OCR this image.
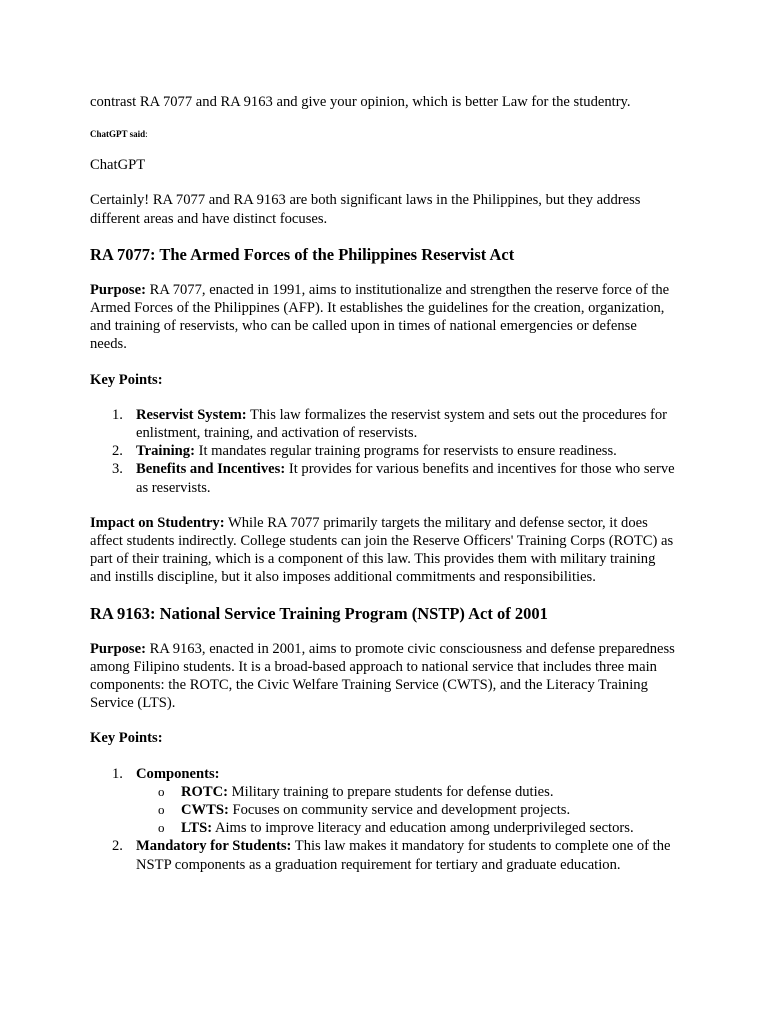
contrast RA 7077 and RA 9163 and give your opinion, which is better Law for the studentry.

ChatGPT said:

ChatGPT

Certainly! RA 7077 and RA 9163 are both significant laws in the Philippines, but they address different areas and have distinct focuses.

RA 7077: The Armed Forces of the Philippines Reservist Act

Purpose: RA 7077, enacted in 1991, aims to institutionalize and strengthen the reserve force of the Armed Forces of the Philippines (AFP). It establishes the guidelines for the creation, organization, and training of reservists, who can be called upon in times of national emergencies or defense needs.

Key Points:

1. Reservist System: This law formalizes the reservist system and sets out the procedures for enlistment, training, and activation of reservists.
2. Training: It mandates regular training programs for reservists to ensure readiness.
3. Benefits and Incentives: It provides for various benefits and incentives for those who serve as reservists.

Impact on Studentry: While RA 7077 primarily targets the military and defense sector, it does affect students indirectly. College students can join the Reserve Officers' Training Corps (ROTC) as part of their training, which is a component of this law. This provides them with military training and instills discipline, but it also imposes additional commitments and responsibilities.

RA 9163: National Service Training Program (NSTP) Act of 2001

Purpose: RA 9163, enacted in 2001, aims to promote civic consciousness and defense preparedness among Filipino students. It is a broad-based approach to national service that includes three main components: the ROTC, the Civic Welfare Training Service (CWTS), and the Literacy Training Service (LTS).

Key Points:

1. Components:
o ROTC: Military training to prepare students for defense duties.
o CWTS: Focuses on community service and development projects.
o LTS: Aims to improve literacy and education among underprivileged sectors.
2. Mandatory for Students: This law makes it mandatory for students to complete one of the NSTP components as a graduation requirement for tertiary and graduate education.
